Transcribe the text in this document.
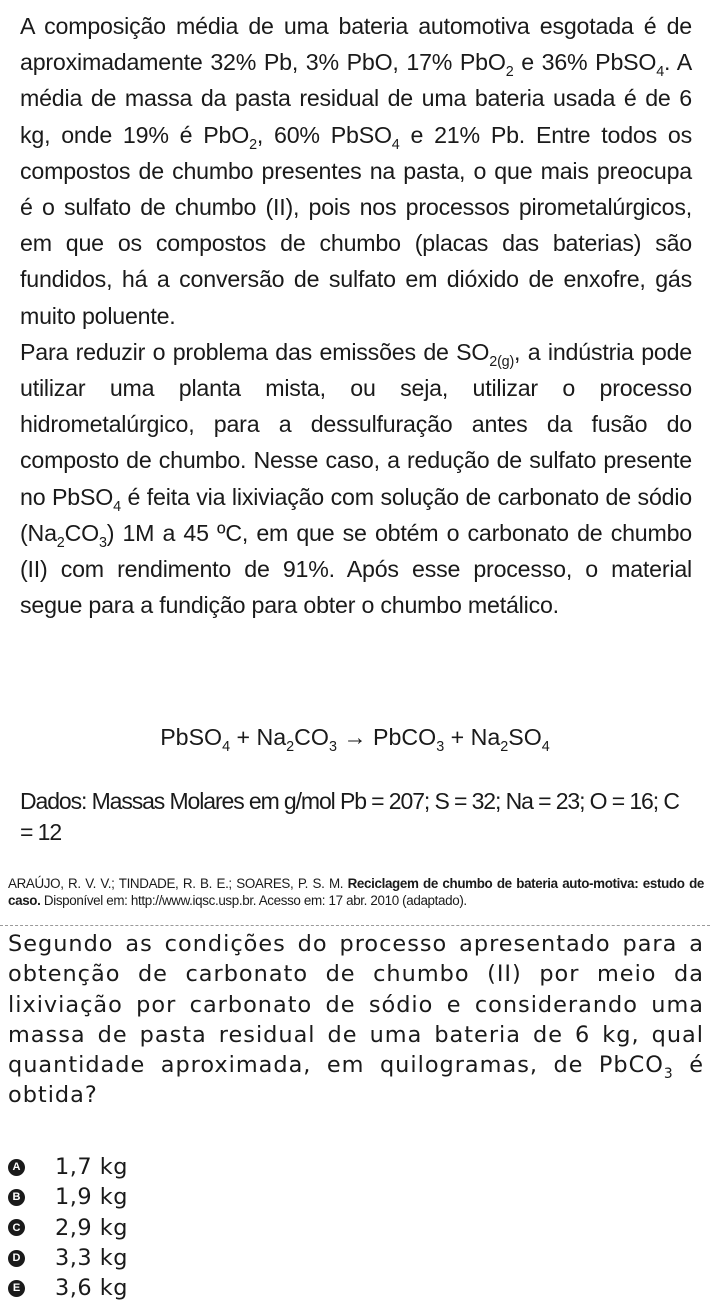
A composição média de uma bateria automotiva esgotada é de aproximadamente 32% Pb, 3% PbO, 17% PbO$_2$ e 36% PbSO$_4$. A média de massa da pasta residual de uma bateria usada é de 6 kg, onde 19% é PbO$_2$, 60% PbSO$_4$ e 21% Pb. Entre todos os compostos de chumbo presentes na pasta, o que mais preocupa é o sulfato de chumbo (II), pois nos processos pirometalúrgicos, em que os compostos de chumbo (placas das baterias) são fundidos, há a conversão de sulfato em dióxido de enxofre, gás muito poluente.

Para reduzir o problema das emissões de $SO_{2(g)}$, a indústria pode utilizar uma planta mista, ou seja, utilizar o processo hidrometalúrgico, para a dessulfuração antes da fusão do composto de chumbo. Nesse caso, a redução de sulfato presente no PbSO$_4$ é feita via lixiviação com solução de carbonato de sódio $(Na_2CO_3)$ 1M a 45 ºC, em que se obtém o carbonato de chumbo (II) com rendimento de 91%. Após esse processo, o material segue para a fundição para obter o chumbo metálico.

PbSO$_4$ + $Na_2CO_3$ → PbCO$_3$ + $Na_2SO_4$
Dados: Massas Molares em g/mol Pb = 207; S = 32; Na = 23; O = 16; C = 12
ARAÚJO, R. V. V.; TINDADE, R. B. E.; SOARES, P. S. M. Reciclagem de chumbo de bateria auto-motiva: estudo de caso. Disponível em: http://www.iqsc.usp.br. Acesso em: 17 abr. 2010 (adaptado).

Segundo as condições do processo apresentado para a obtenção de carbonato de chumbo (II) por meio da lixiviação por carbonato de sódio e considerando uma massa de pasta residual de uma bateria de 6 kg, qual quantidade aproximada, em quilogramas, de PbCO$_3$ é obtida?

A 1,7 kg
B 1,9 kg
C 2,9 kg
D 3,3 kg
E 3,6 kg
